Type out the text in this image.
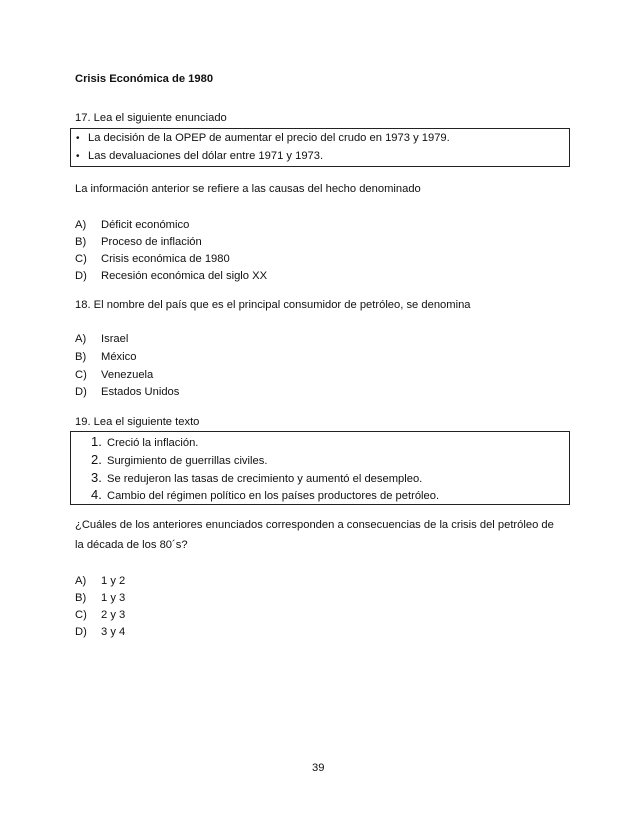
Crisis Económica de 1980
17. Lea el siguiente enunciado
• La decisión de la OPEP de aumentar el precio del crudo en 1973 y 1979.
• Las devaluaciones del dólar entre 1971 y 1973.
La información anterior se refiere a las causas del hecho denominado
A) Déficit económico
B) Proceso de inflación
C) Crisis económica de 1980
D) Recesión económica del siglo XX
18. El nombre del país que es el principal consumidor de petróleo, se denomina
A) Israel
B) México
C) Venezuela
D) Estados Unidos
19. Lea el siguiente texto
1. Creció la inflación.
2. Surgimiento de guerrillas civiles.
3. Se redujeron las tasas de crecimiento y aumentó el desempleo.
4. Cambio del régimen político en los países productores de petróleo.
¿Cuáles de los anteriores enunciados corresponden a consecuencias de la crisis del petróleo de
la década de los 80´s?
A) 1 y 2
B) 1 y 3
C) 2 y 3
D) 3 y 4
39
